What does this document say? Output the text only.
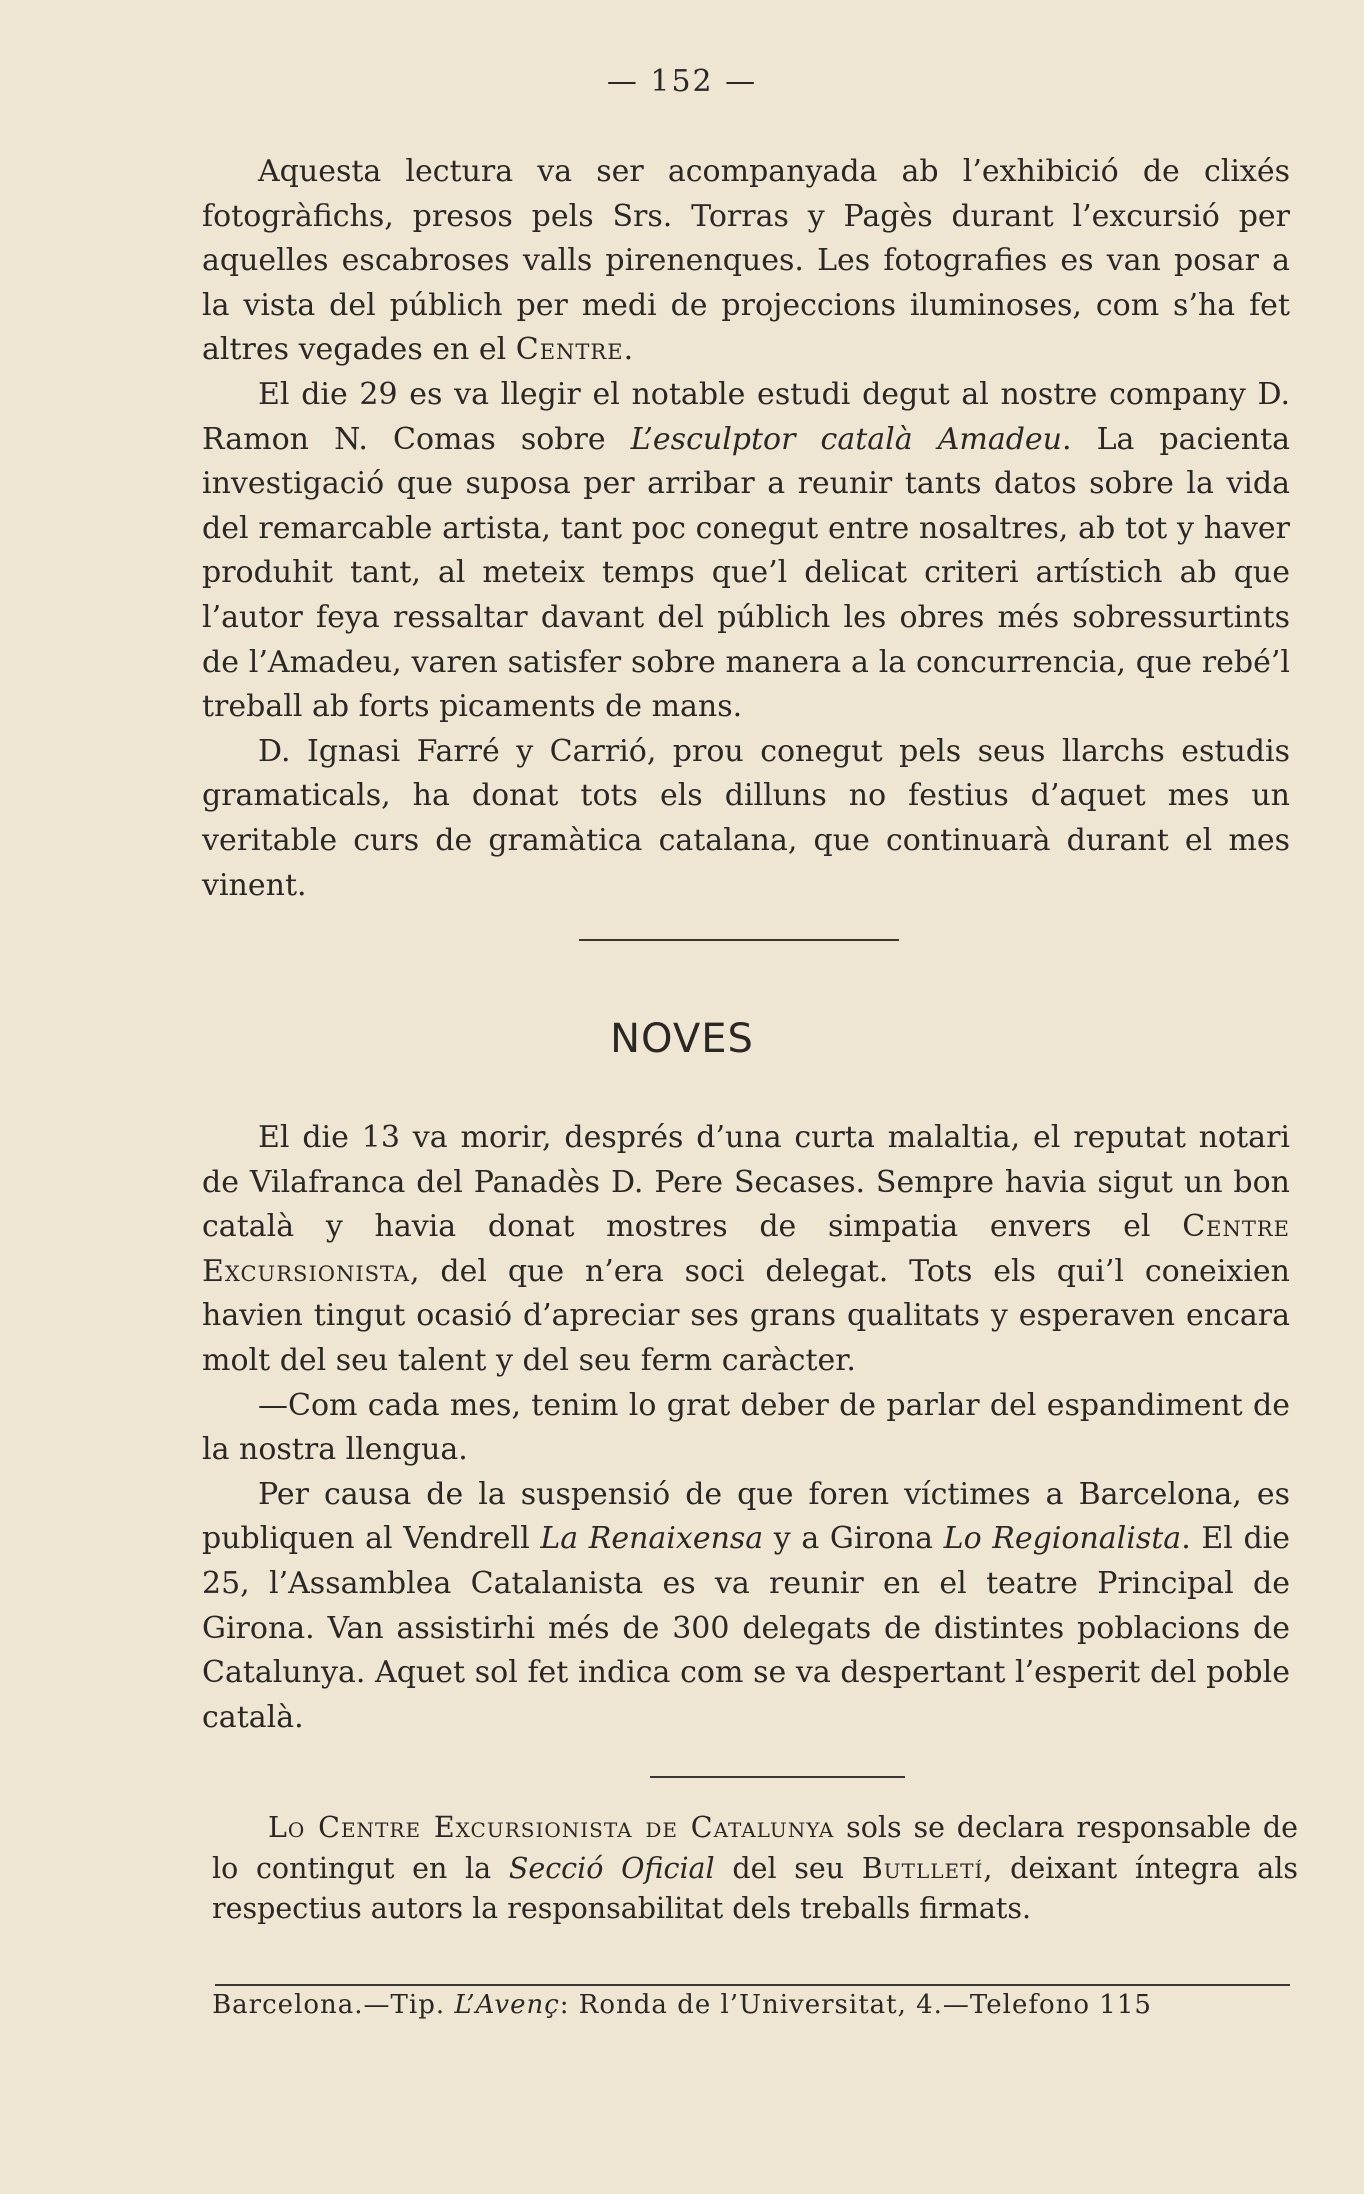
— 152 —

Aquesta lectura va ser acompanyada ab l’exhibició de clixés fotogràfichs, presos pels Srs. Torras y Pagès durant l’excursió per aquelles escabroses valls pirenenques. Les fotografies es van posar a la vista del públich per medi de projeccions iluminoses, com s’ha fet altres vegades en el Centre.

El die 29 es va llegir el notable estudi degut al nostre company D. Ramon N. Comas sobre L’esculptor català Amadeu. La pacienta investigació que suposa per arribar a reunir tants datos sobre la vida del remarcable artista, tant poc conegut entre nosaltres, ab tot y haver produhit tant, al meteix temps que’l delicat criteri artístich ab que l’autor feya ressaltar davant del públich les obres més sobressurtints de l’Amadeu, varen satisfer sobre manera a la concurrencia, que rebé’l treball ab forts picaments de mans.

D. Ignasi Farré y Carrió, prou conegut pels seus llarchs estudis gramaticals, ha donat tots els dilluns no festius d’aquet mes un veritable curs de gramàtica catalana, que continuarà durant el mes vinent.

NOVES

El die 13 va morir, després d’una curta malaltia, el reputat notari de Vilafranca del Panadès D. Pere Secases. Sempre havia sigut un bon català y havia donat mostres de simpatia envers el Centre Excursionista, del que n’era soci delegat. Tots els qui’l coneixien havien tingut ocasió d’apreciar ses grans qualitats y esperaven encara molt del seu talent y del seu ferm caràcter.

—Com cada mes, tenim lo grat deber de parlar del espandiment de la nostra llengua.

Per causa de la suspensió de que foren víctimes a Barcelona, es publiquen al Vendrell La Renaixensa y a Girona Lo Regionalista. El die 25, l’Assamblea Catalanista es va reunir en el teatre Principal de Girona. Van assistirhi més de 300 delegats de distintes poblacions de Catalunya. Aquet sol fet indica com se va despertant l’esperit del poble català.

Lo Centre Excursionista de Catalunya sols se declara responsable de lo contingut en la Secció Oficial del seu Butlletí, deixant íntegra als respectius autors la responsabilitat dels treballs firmats.

Barcelona.—Tip. L’Avenç: Ronda de l’Universitat, 4.—Telefono 115
